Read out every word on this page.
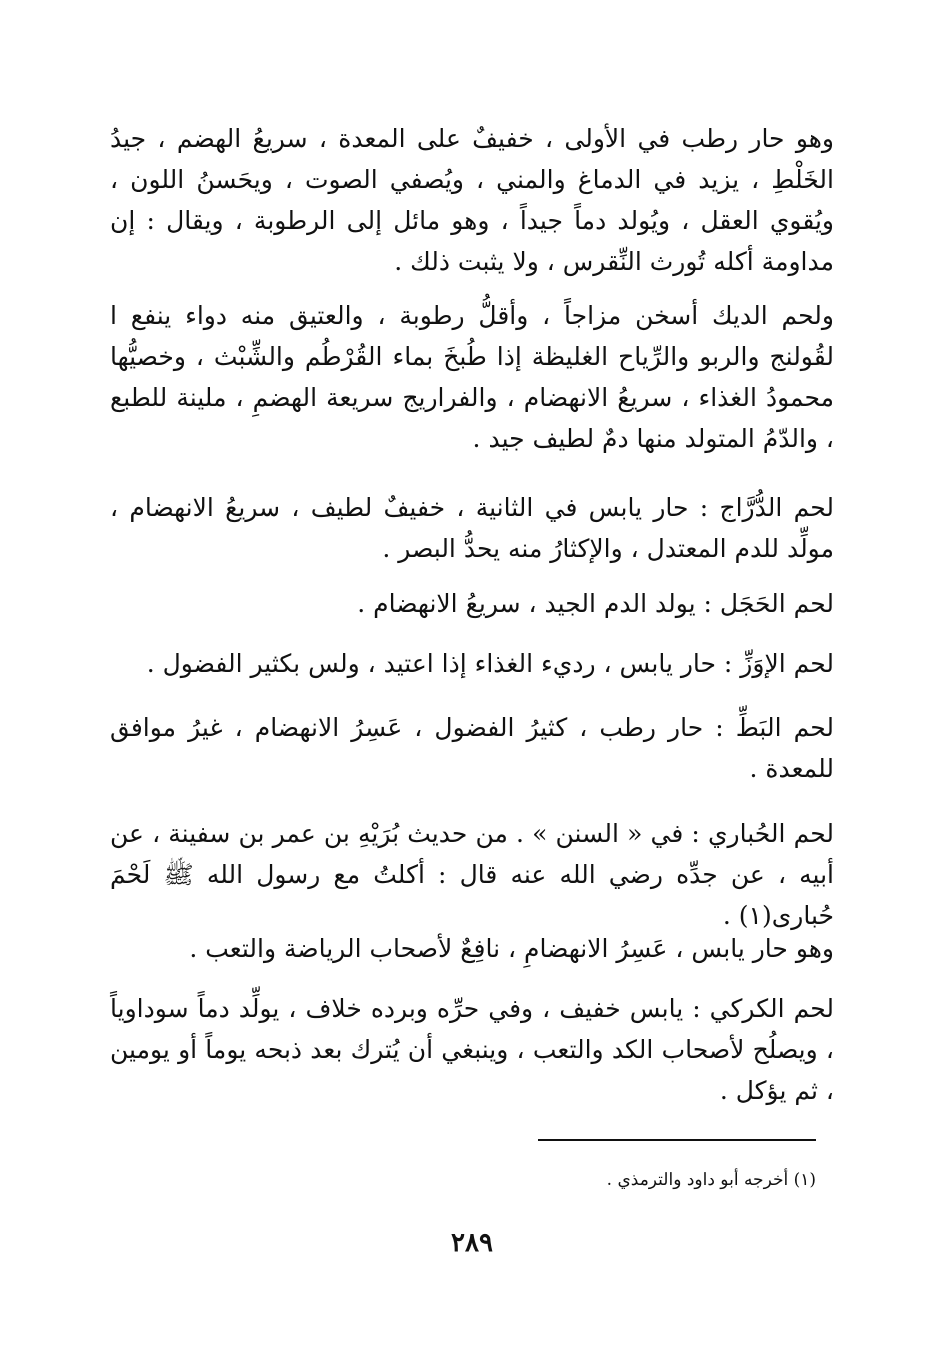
وهو حار رطب في الأولى ، خفيفٌ على المعدة ، سريعُ الهضم ، جيدُ الخَلْطِ ، يزيد في الدماغ والمني ، ويُصفي الصوت ، ويحَسنُ اللون ، ويُقوي العقل ، ويُولد دماً جيداً ، وهو مائل إلى الرطوبة ، ويقال : إن مداومة أكله تُورث النِّقرس ، ولا يثبت ذلك .

ولحم الديك أسخن مزاجاً ، وأقلُّ رطوبة ، والعتيق منه دواء ينفع ا لقُولنج والربو والرِّياح الغليظة إذا طُبخَ بماء القُرْطُم والشِّبْث ، وخصيُّها محمودُ الغذاء ، سريعُ الانهضام ، والفراريج سريعة الهضمِ ، ملينة للطبع ، والدّمُ المتولد منها دمٌ لطيف جيد .

لحم الدُّرَّاج : حار يابس في الثانية ، خفيفٌ لطيف ، سريعُ الانهضام ، مولِّد للدم المعتدل ، والإكثارُ منه يحدُّ البصر .

لحم الحَجَل : يولد الدم الجيد ، سريعُ الانهضام .

لحم الإوَزِّ : حار يابس ، رديء الغذاء إذا اعتيد ، ولس بكثير الفضول .

لحم البَطِّ : حار رطب ، كثيرُ الفضول ، عَسِرُ الانهضام ، غيرُ موافق للمعدة .

لحم الحُباري : في « السنن » . من حديث بُرَيْهِ بن عمر بن سفينة ، عن أبيه ، عن جدِّه رضي الله عنه قال : أكلتُ مع رسول الله ﷺ لَحْمَ حُبارى(١) .

وهو حار يابس ، عَسِرُ الانهضامِ ، نافِعٌ لأصحاب الرياضة والتعب .

لحم الكركي : يابس خفيف ، وفي حرِّه وبرده خلاف ، يولِّد دماً سوداوياً ، ويصلُح لأصحاب الكد والتعب ، وينبغي أن يُترك بعد ذبحه يوماً أو يومين ، ثم يؤكل .

(١) أخرجه أبو داود والترمذي .

٢٨٩
